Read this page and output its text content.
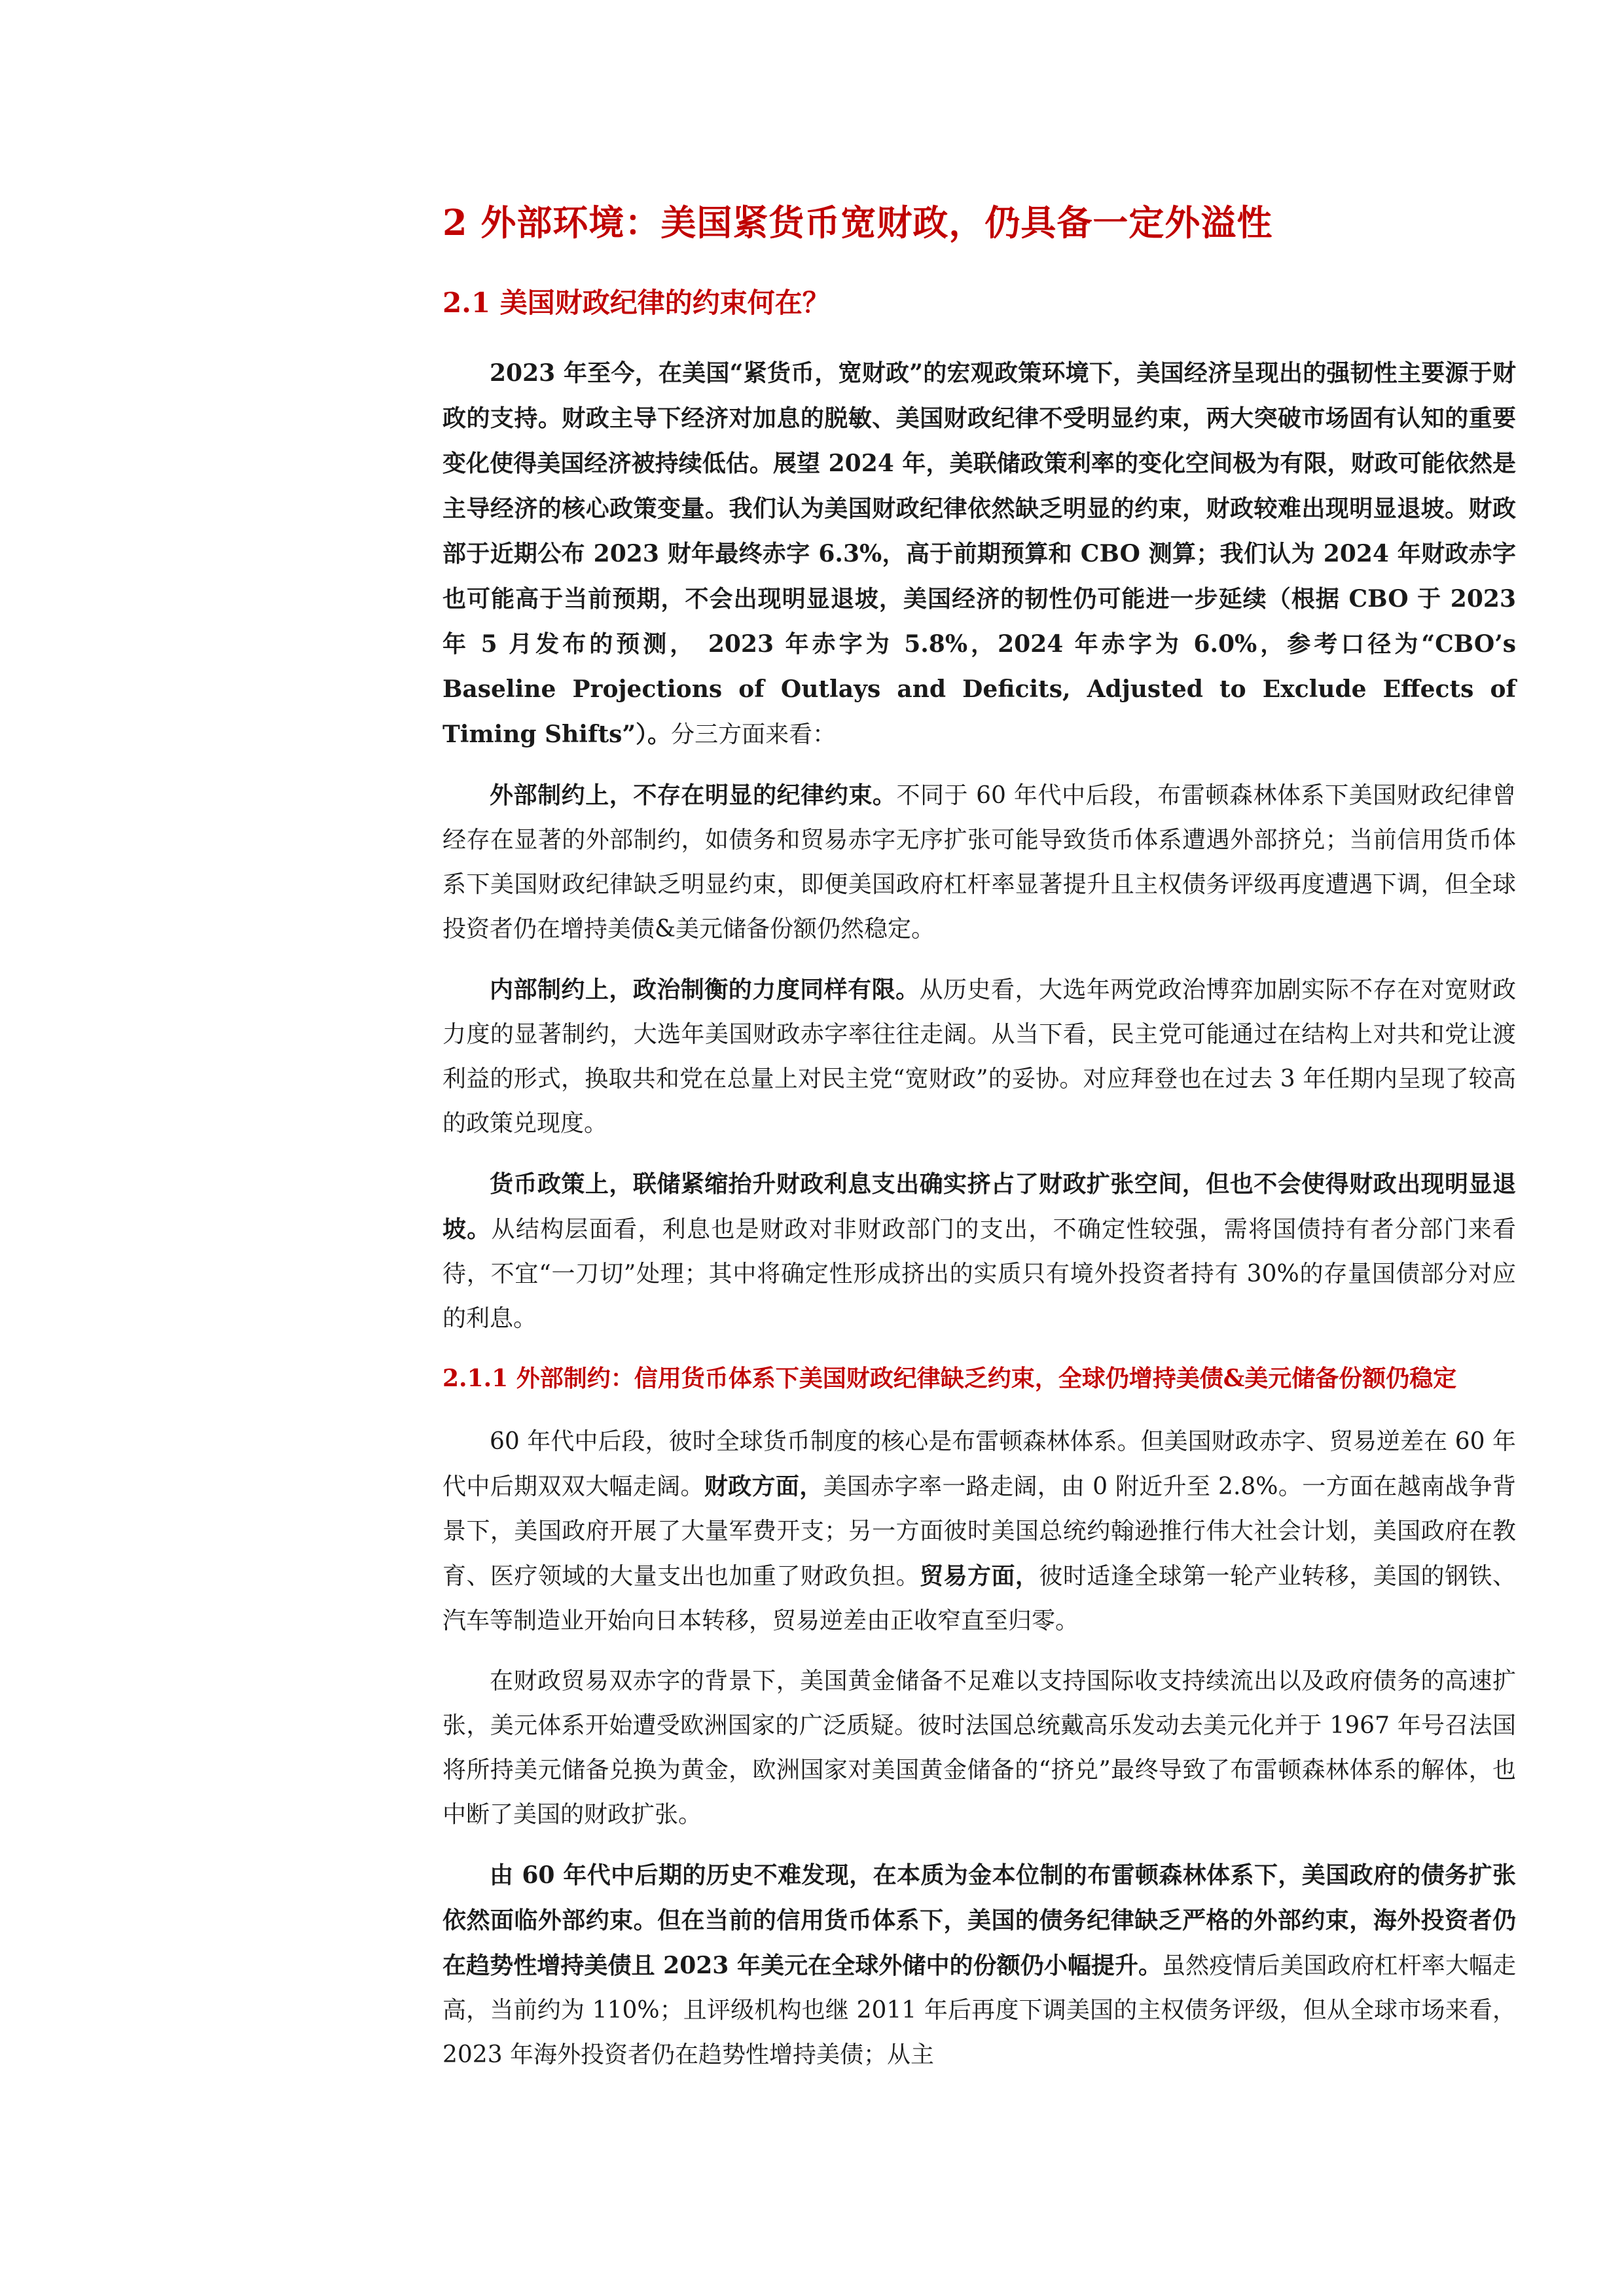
2 外部环境：美国紧货币宽财政，仍具备一定外溢性
2.1 美国财政纪律的约束何在？
2023 年至今，在美国“紧货币，宽财政”的宏观政策环境下，美国经济呈现出的强韧性主要源于财政的支持。财政主导下经济对加息的脱敏、美国财政纪律不受明显约束，两大突破市场固有认知的重要变化使得美国经济被持续低估。展望 2024 年，美联储政策利率的变化空间极为有限，财政可能依然是主导经济的核心政策变量。我们认为美国财政纪律依然缺乏明显的约束，财政较难出现明显退坡。财政部于近期公布 2023 财年最终赤字 6.3%，高于前期预算和 CBO 测算；我们认为 2024 年财政赤字也可能高于当前预期，不会出现明显退坡，美国经济的韧性仍可能进一步延续（根据 CBO 于 2023 年 5 月发布的预测， 2023 年赤字为 5.8%，2024 年赤字为 6.0%，参考口径为“CBO’s Baseline Projections of Outlays and Deficits, Adjusted to Exclude Effects of Timing Shifts”）。分三方面来看：
外部制约上，不存在明显的纪律约束。不同于 60 年代中后段，布雷顿森林体系下美国财政纪律曾经存在显著的外部制约，如债务和贸易赤字无序扩张可能导致货币体系遭遇外部挤兑；当前信用货币体系下美国财政纪律缺乏明显约束，即便美国政府杠杆率显著提升且主权债务评级再度遭遇下调，但全球投资者仍在增持美债&美元储备份额仍然稳定。
内部制约上，政治制衡的力度同样有限。从历史看，大选年两党政治博弈加剧实际不存在对宽财政力度的显著制约，大选年美国财政赤字率往往走阔。从当下看，民主党可能通过在结构上对共和党让渡利益的形式，换取共和党在总量上对民主党“宽财政”的妥协。对应拜登也在过去 3 年任期内呈现了较高的政策兑现度。
货币政策上，联储紧缩抬升财政利息支出确实挤占了财政扩张空间，但也不会使得财政出现明显退坡。从结构层面看，利息也是财政对非财政部门的支出，不确定性较强，需将国债持有者分部门来看待，不宜“一刀切”处理；其中将确定性形成挤出的实质只有境外投资者持有 30%的存量国债部分对应的利息。
2.1.1 外部制约：信用货币体系下美国财政纪律缺乏约束，全球仍增持美债&美元储备份额仍稳定
60 年代中后段，彼时全球货币制度的核心是布雷顿森林体系。但美国财政赤字、贸易逆差在 60 年代中后期双双大幅走阔。财政方面，美国赤字率一路走阔，由 0 附近升至 2.8%。一方面在越南战争背景下，美国政府开展了大量军费开支；另一方面彼时美国总统约翰逊推行伟大社会计划，美国政府在教育、医疗领域的大量支出也加重了财政负担。贸易方面，彼时适逢全球第一轮产业转移，美国的钢铁、汽车等制造业开始向日本转移，贸易逆差由正收窄直至归零。
在财政贸易双赤字的背景下，美国黄金储备不足难以支持国际收支持续流出以及政府债务的高速扩张，美元体系开始遭受欧洲国家的广泛质疑。彼时法国总统戴高乐发动去美元化并于 1967 年号召法国将所持美元储备兑换为黄金，欧洲国家对美国黄金储备的“挤兑”最终导致了布雷顿森林体系的解体，也中断了美国的财政扩张。
由 60 年代中后期的历史不难发现，在本质为金本位制的布雷顿森林体系下，美国政府的债务扩张依然面临外部约束。但在当前的信用货币体系下，美国的债务纪律缺乏严格的外部约束，海外投资者仍在趋势性增持美债且 2023 年美元在全球外储中的份额仍小幅提升。虽然疫情后美国政府杠杆率大幅走高，当前约为 110%；且评级机构也继 2011 年后再度下调美国的主权债务评级，但从全球市场来看，2023 年海外投资者仍在趋势性增持美债；从主
